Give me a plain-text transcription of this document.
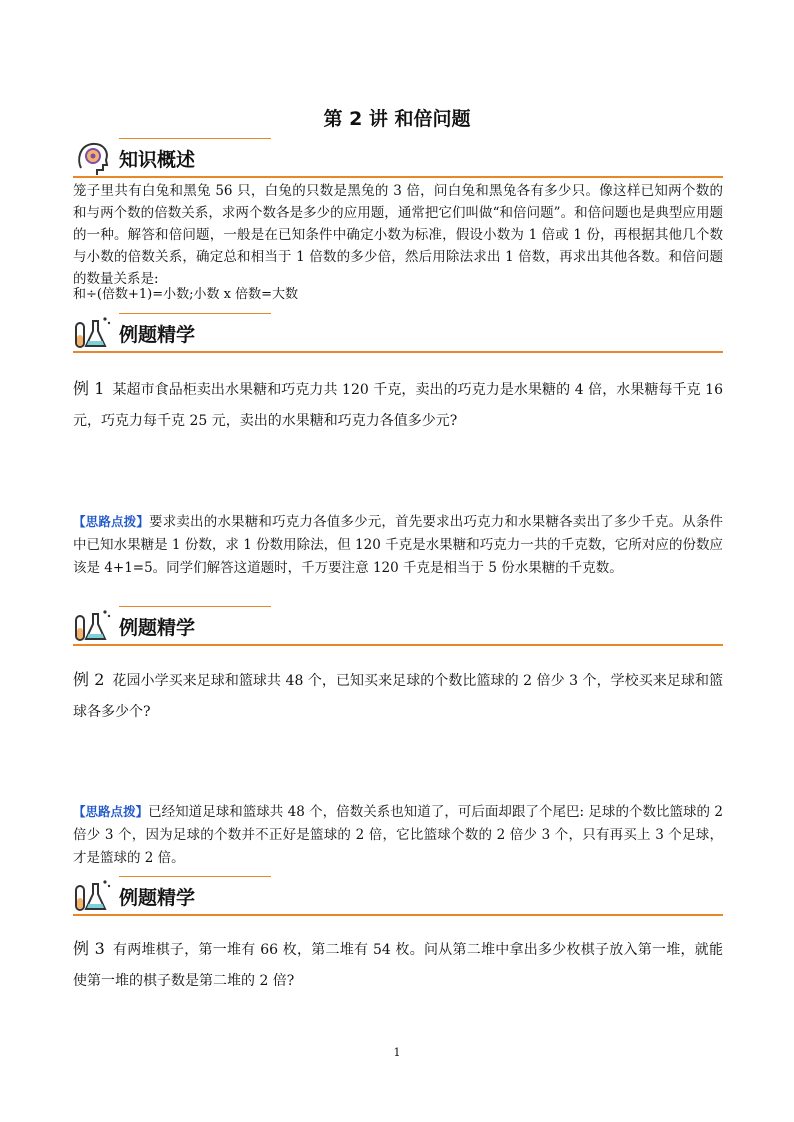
第 2 讲 和倍问题
知识概述
笼子里共有白兔和黑兔 56 只，白兔的只数是黑兔的 3 倍，问白兔和黑兔各有多少只。像这样已知两个数的和与两个数的倍数关系，求两个数各是多少的应用题，通常把它们叫做“和倍问题”。和倍问题也是典型应用题的一种。解答和倍问题，一般是在已知条件中确定小数为标准，假设小数为 1 倍或 1 份，再根据其他几个数与小数的倍数关系，确定总和相当于 1 倍数的多少倍，然后用除法求出 1 倍数，再求出其他各数。和倍问题的数量关系是:
和÷(倍数+1)=小数;小数 x 倍数=大数
例题精学
例 1 某超市食品柜卖出水果糖和巧克力共 120 千克，卖出的巧克力是水果糖的 4 倍，水果糖每千克 16 元，巧克力每千克 25 元，卖出的水果糖和巧克力各值多少元?
【思路点拨】要求卖出的水果糖和巧克力各值多少元，首先要求出巧克力和水果糖各卖出了多少千克。从条件中已知水果糖是 1 份数，求 1 份数用除法，但 120 千克是水果糖和巧克力一共的千克数，它所对应的份数应该是 4+1=5。同学们解答这道题时，千万要注意 120 千克是相当于 5 份水果糖的千克数。
例题精学
例 2 花园小学买来足球和篮球共 48 个，已知买来足球的个数比篮球的 2 倍少 3 个，学校买来足球和篮球各多少个?
【思路点拨】已经知道足球和篮球共 48 个，倍数关系也知道了，可后面却跟了个尾巴: 足球的个数比篮球的 2 倍少 3 个，因为足球的个数并不正好是篮球的 2 倍，它比篮球个数的 2 倍少 3 个，只有再买上 3 个足球，才是篮球的 2 倍。
例题精学
例 3 有两堆棋子，第一堆有 66 枚，第二堆有 54 枚。问从第二堆中拿出多少枚棋子放入第一堆，就能使第一堆的棋子数是第二堆的 2 倍?
1
